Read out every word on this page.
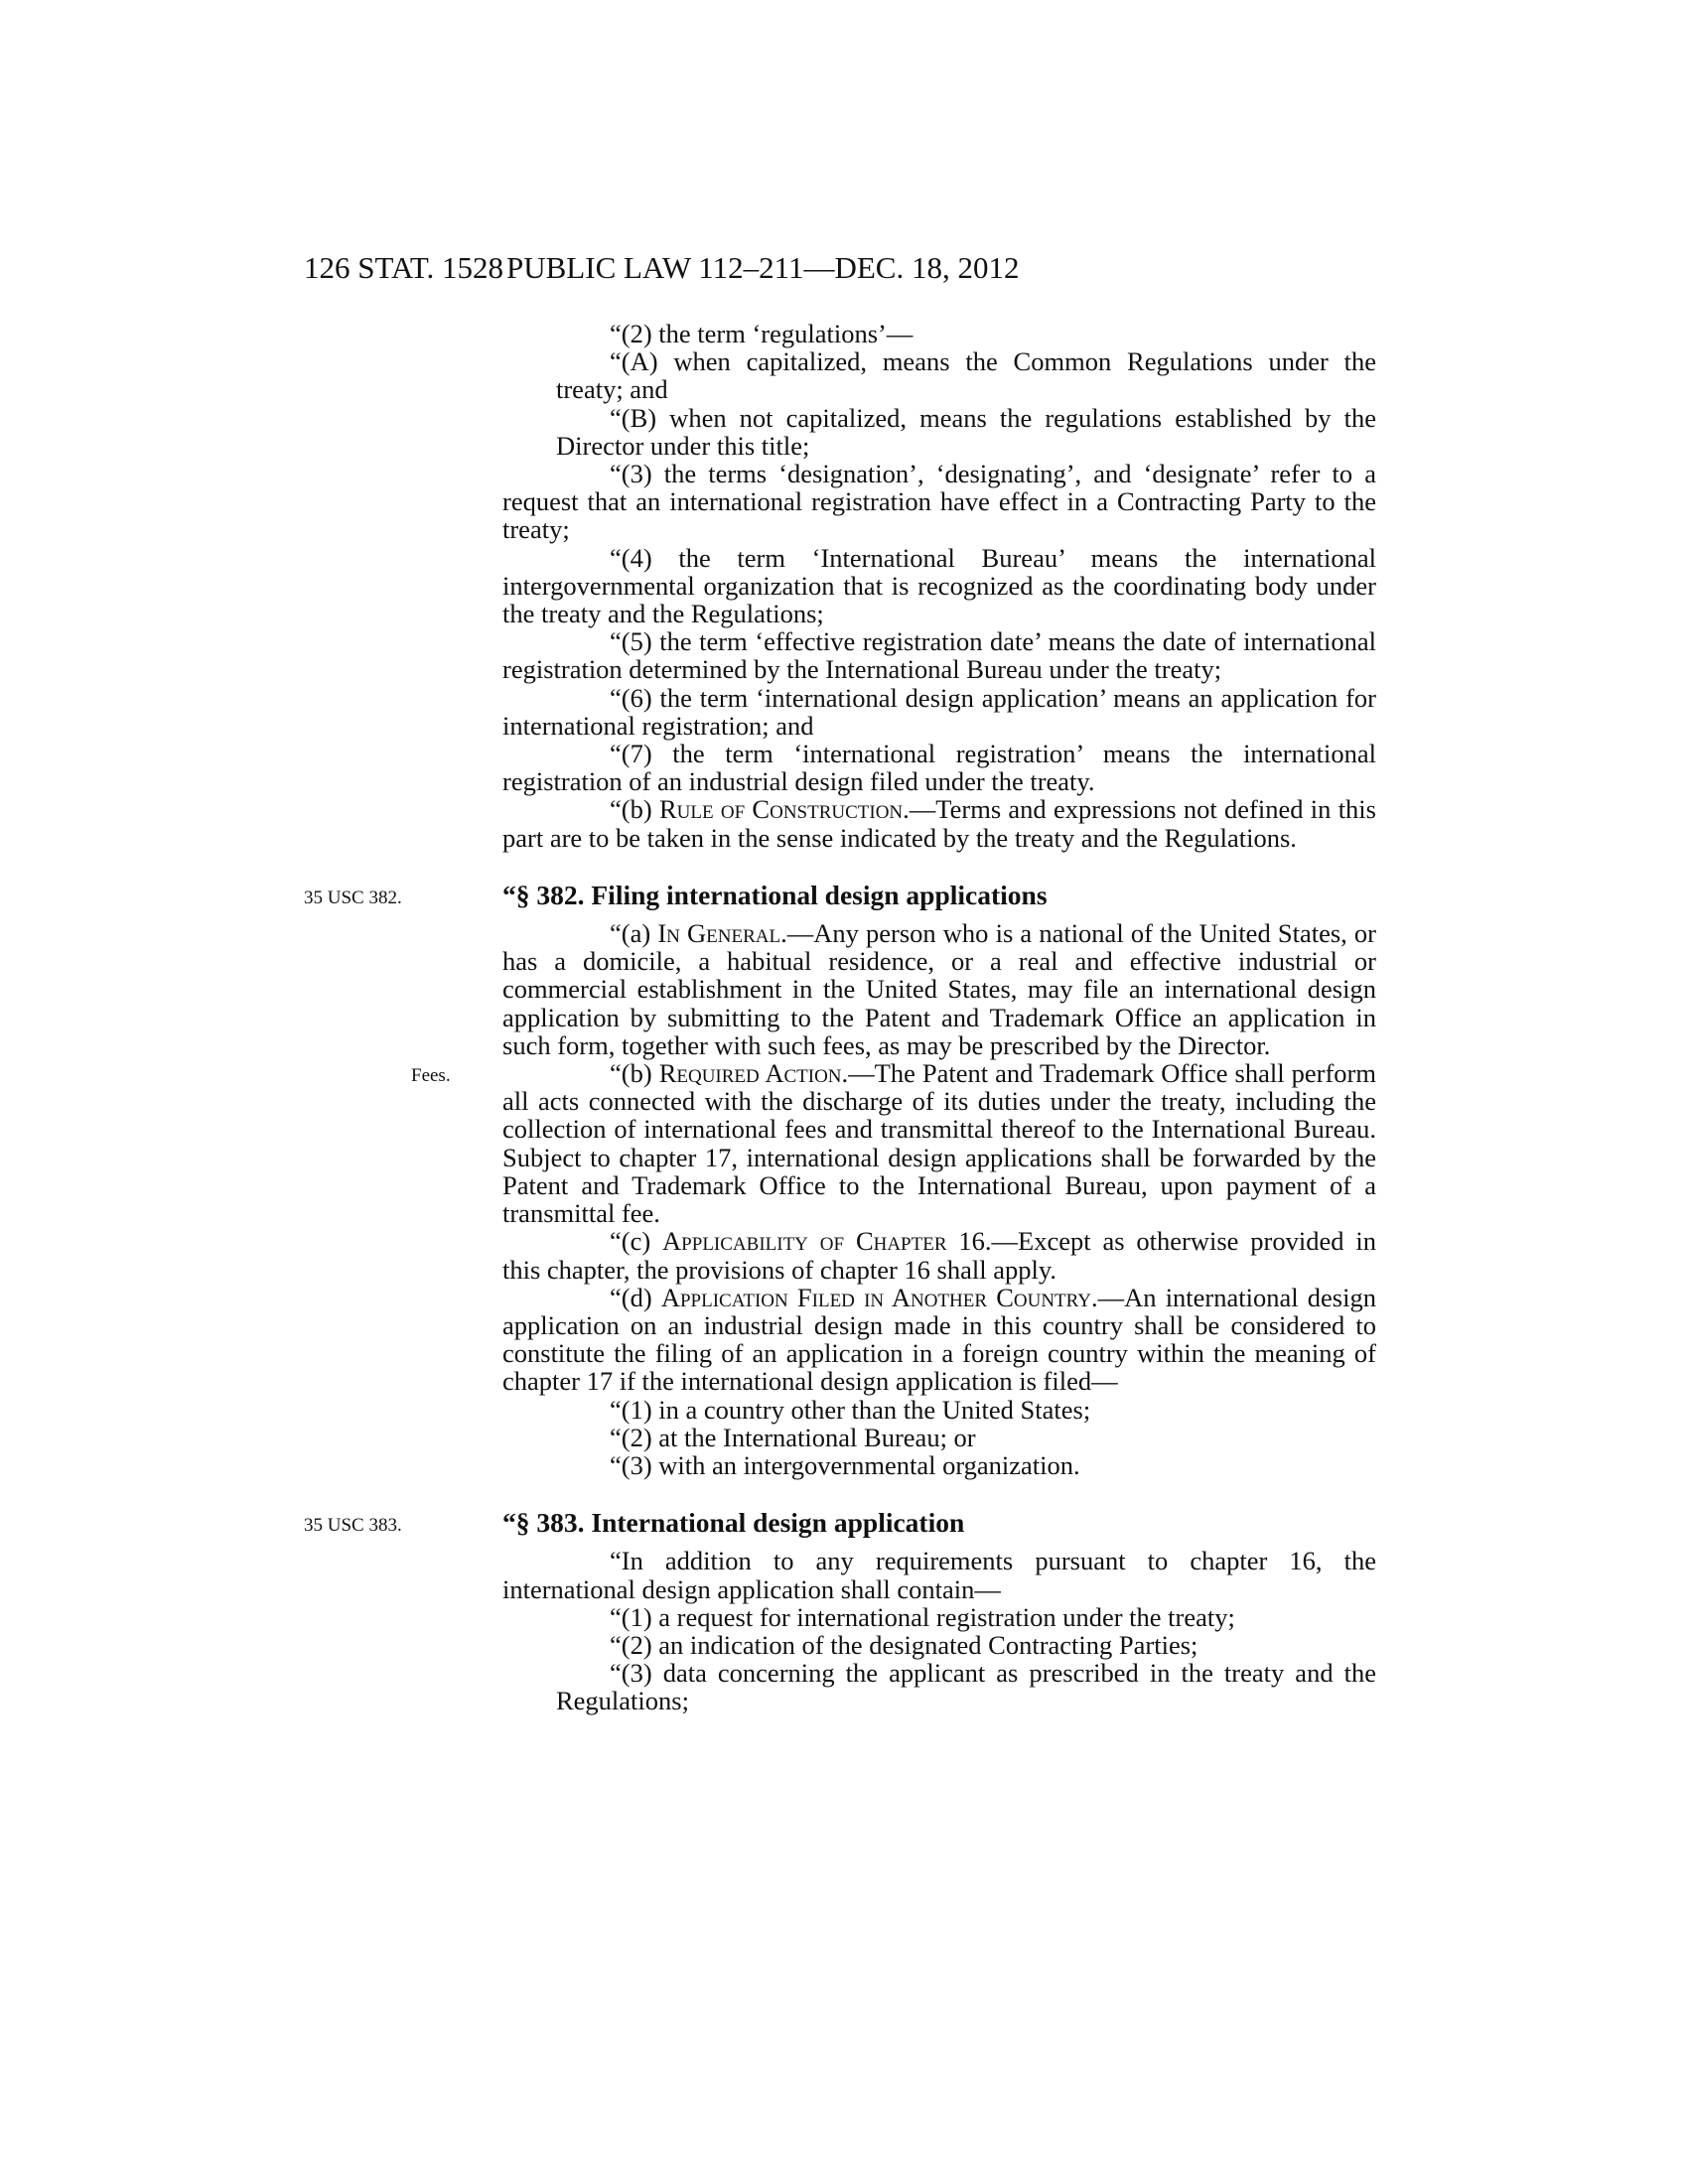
126 STAT. 1528 PUBLIC LAW 112–211—DEC. 18, 2012

“(2) the term ‘regulations’—

“(A) when capitalized, means the Common Regulations under the treaty; and

“(B) when not capitalized, means the regulations established by the Director under this title;

“(3) the terms ‘designation’, ‘designating’, and ‘designate’ refer to a request that an international registration have effect in a Contracting Party to the treaty;

“(4) the term ‘International Bureau’ means the international intergovernmental organization that is recognized as the coordinating body under the treaty and the Regulations;

“(5) the term ‘effective registration date’ means the date of international registration determined by the International Bureau under the treaty;

“(6) the term ‘international design application’ means an application for international registration; and

“(7) the term ‘international registration’ means the international registration of an industrial design filed under the treaty.

“(b) Rule of Construction.—Terms and expressions not defined in this part are to be taken in the sense indicated by the treaty and the Regulations.

35 USC 382.	“§ 382. Filing international design applications

“(a) In General.—Any person who is a national of the United States, or has a domicile, a habitual residence, or a real and effective industrial or commercial establishment in the United States, may file an international design application by submitting to the Patent and Trademark Office an application in such form, together with such fees, as may be prescribed by the Director.

Fees.	“(b) Required Action.—The Patent and Trademark Office shall perform all acts connected with the discharge of its duties under the treaty, including the collection of international fees and transmittal thereof to the International Bureau. Subject to chapter 17, international design applications shall be forwarded by the Patent and Trademark Office to the International Bureau, upon payment of a transmittal fee.

“(c) Applicability of Chapter 16.—Except as otherwise provided in this chapter, the provisions of chapter 16 shall apply.

“(d) Application Filed in Another Country.—An international design application on an industrial design made in this country shall be considered to constitute the filing of an application in a foreign country within the meaning of chapter 17 if the international design application is filed—

“(1) in a country other than the United States;

“(2) at the International Bureau; or

“(3) with an intergovernmental organization.

35 USC 383.	“§ 383. International design application

“In addition to any requirements pursuant to chapter 16, the international design application shall contain—

“(1) a request for international registration under the treaty;

“(2) an indication of the designated Contracting Parties;

“(3) data concerning the applicant as prescribed in the treaty and the Regulations;
